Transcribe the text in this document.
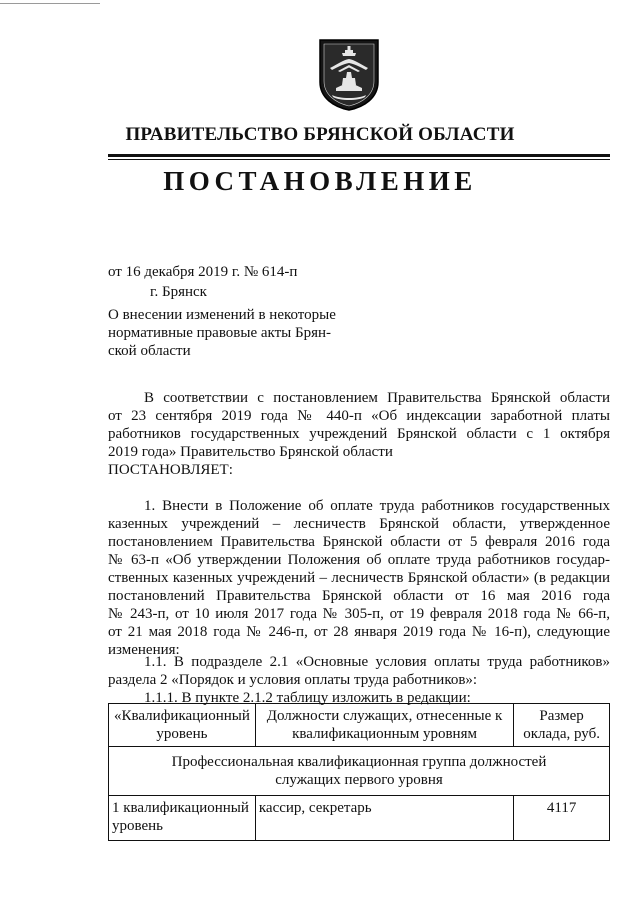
ПРАВИТЕЛЬСТВО БРЯНСКОЙ ОБЛАСТИ
ПОСТАНОВЛЕНИЕ
от 16 декабря 2019 г. № 614-п
г. Брянск
О внесении изменений в некоторые
нормативные правовые акты Брян-
ской области
В соответствии с постановлением Правительства Брянской области
от 23 сентября 2019 года № 440-п «Об индексации заработной платы
работников государственных учреждений Брянской области с 1 октября
2019 года» Правительство Брянской области
ПОСТАНОВЛЯЕТ:
1. Внести в Положение об оплате труда работников государственных
казенных учреждений – лесничеств Брянской области, утвержденное
постановлением Правительства Брянской области от 5 февраля 2016 года
№ 63-п «Об утверждении Положения об оплате труда работников государ-
ственных казенных учреждений – лесничеств Брянской области» (в редакции
постановлений Правительства Брянской области от 16 мая 2016 года
№ 243-п, от 10 июля 2017 года № 305-п, от 19 февраля 2018 года № 66-п,
от 21 мая 2018 года № 246-п, от 28 января 2019 года № 16-п), следующие
изменения:
1.1. В подразделе 2.1 «Основные условия оплаты труда работников»
раздела 2 «Порядок и условия оплаты труда работников»:
1.1.1. В пункте 2.1.2 таблицу изложить в редакции:
«Квалификационный уровень	Должности служащих, отнесенные к квалификационным уровням	Размер оклада, руб.
Профессиональная квалификационная группа должностей служащих первого уровня		
1 квалификационный уровень	кассир, секретарь	4117
